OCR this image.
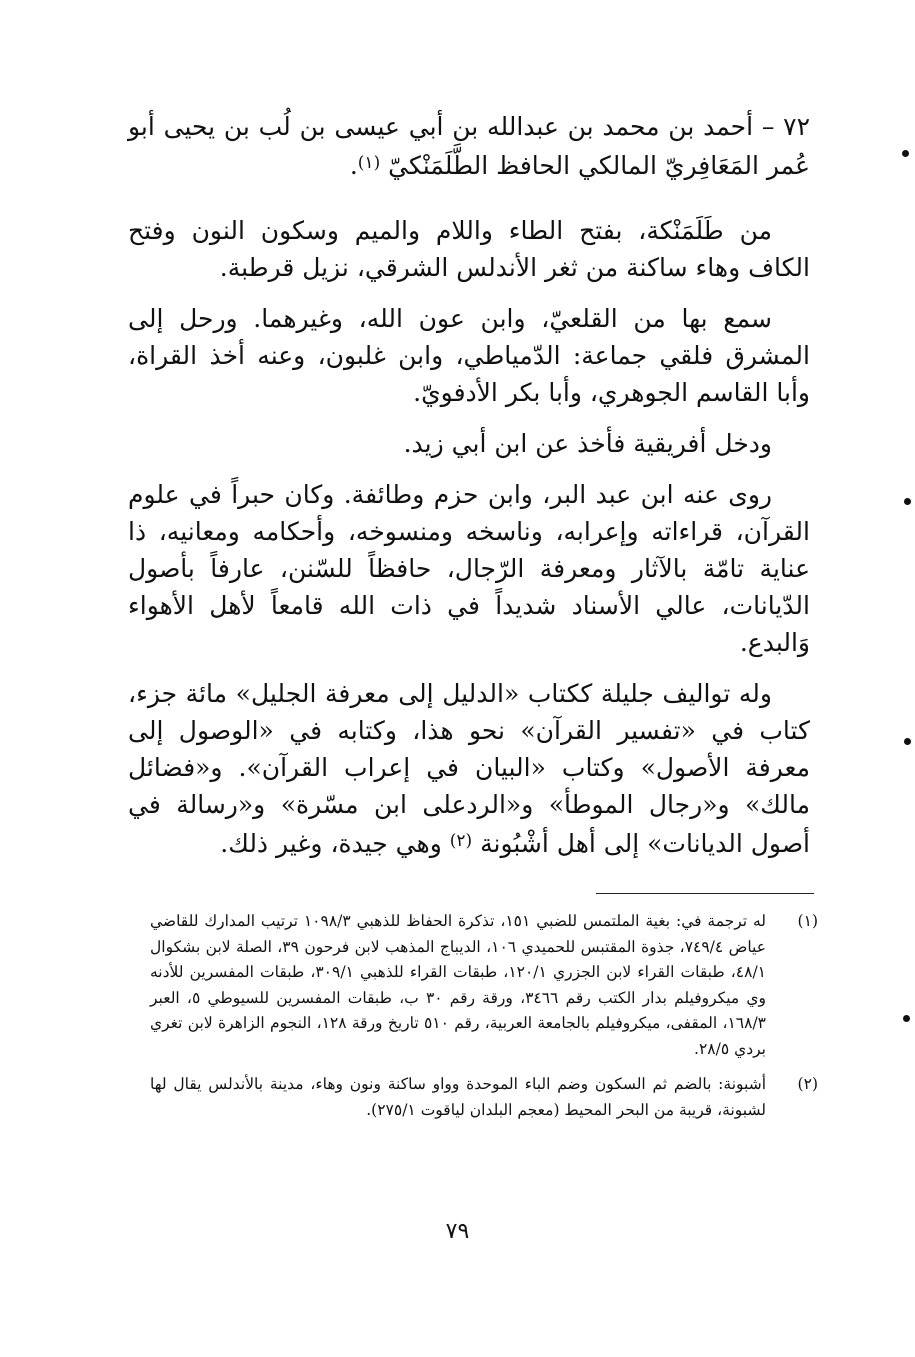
٧٢ – أحمد بن محمد بن عبدالله بن أبي عيسى بن لُب بن يحيى أبو عُمر المَعَافِريّ المالكي الحافظ الطَّلَمَنْكيّ $^{(١)}$.

من طَلَمَنْكة، بفتح الطاء واللام والميم وسكون النون وفتح الكاف وهاء ساكنة من ثغر الأندلس الشرقي، نزيل قرطبة.

سمع بها من القلعيّ، وابن عون الله، وغيرهما. ورحل إلى المشرق فلقي جماعة: الدّمياطي، وابن غلبون، وعنه أخذ القراة، وأبا القاسم الجوهري، وأبا بكر الأدفويّ.

ودخل أفريقية فأخذ عن ابن أبي زيد.

روى عنه ابن عبد البر، وابن حزم وطائفة. وكان حبراً في علوم القرآن، قراءاته وإعرابه، وناسخه ومنسوخه، وأحكامه ومعانيه، ذا عناية تامّة بالآثار ومعرفة الرّجال، حافظاً للسّنن، عارفاً بأصول الدّيانات، عالي الأسناد شديداً في ذات الله قامعاً لأهل الأهواء وَالبدع.

وله تواليف جليلة ككتاب «الدليل إلى معرفة الجليل» مائة جزء، كتاب في «تفسير القرآن» نحو هذا، وكتابه في «الوصول إلى معرفة الأصول» وكتاب «البيان في إعراب القرآن». و«فضائل مالك» و«رجال الموطأ» و«الردعلى ابن مسّرة» و«رسالة في أصول الديانات» إلى أهل أشْبُونة $^{(٢)}$ وهي جيدة، وغير ذلك.

(١)
له ترجمة في: بغية الملتمس للضبي ١٥١، تذكرة الحفاظ للذهبي ١٠٩٨/٣ ترتيب المدارك للقاضي عياض ٧٤٩/٤، جذوة المقتبس للحميدي ١٠٦، الديباج المذهب لابن فرحون ٣٩، الصلة لابن بشكوال ٤٨/١، طبقات القراء لابن الجزري ١٢٠/١، طبقات القراء للذهبي ٣٠٩/١، طبقات المفسرين للأدنه وي ميكروفيلم بدار الكتب رقم ٣٤٦٦، ورقة رقم ٣٠ ب، طبقات المفسرين للسيوطي ٥، العبر ١٦٨/٣، المقفى، ميكروفيلم بالجامعة العربية، رقم ٥١٠ تاريخ ورقة ١٢٨، النجوم الزاهرة لابن تغري بردي ٢٨/٥.
(٢)
أشبونة: بالضم ثم السكون وضم الباء الموحدة وواو ساكنة ونون وهاء، مدينة بالأندلس يقال لها لشبونة، قريبة من البحر المحيط (معجم البلدان لياقوت ٢٧٥/١).
٧٩
